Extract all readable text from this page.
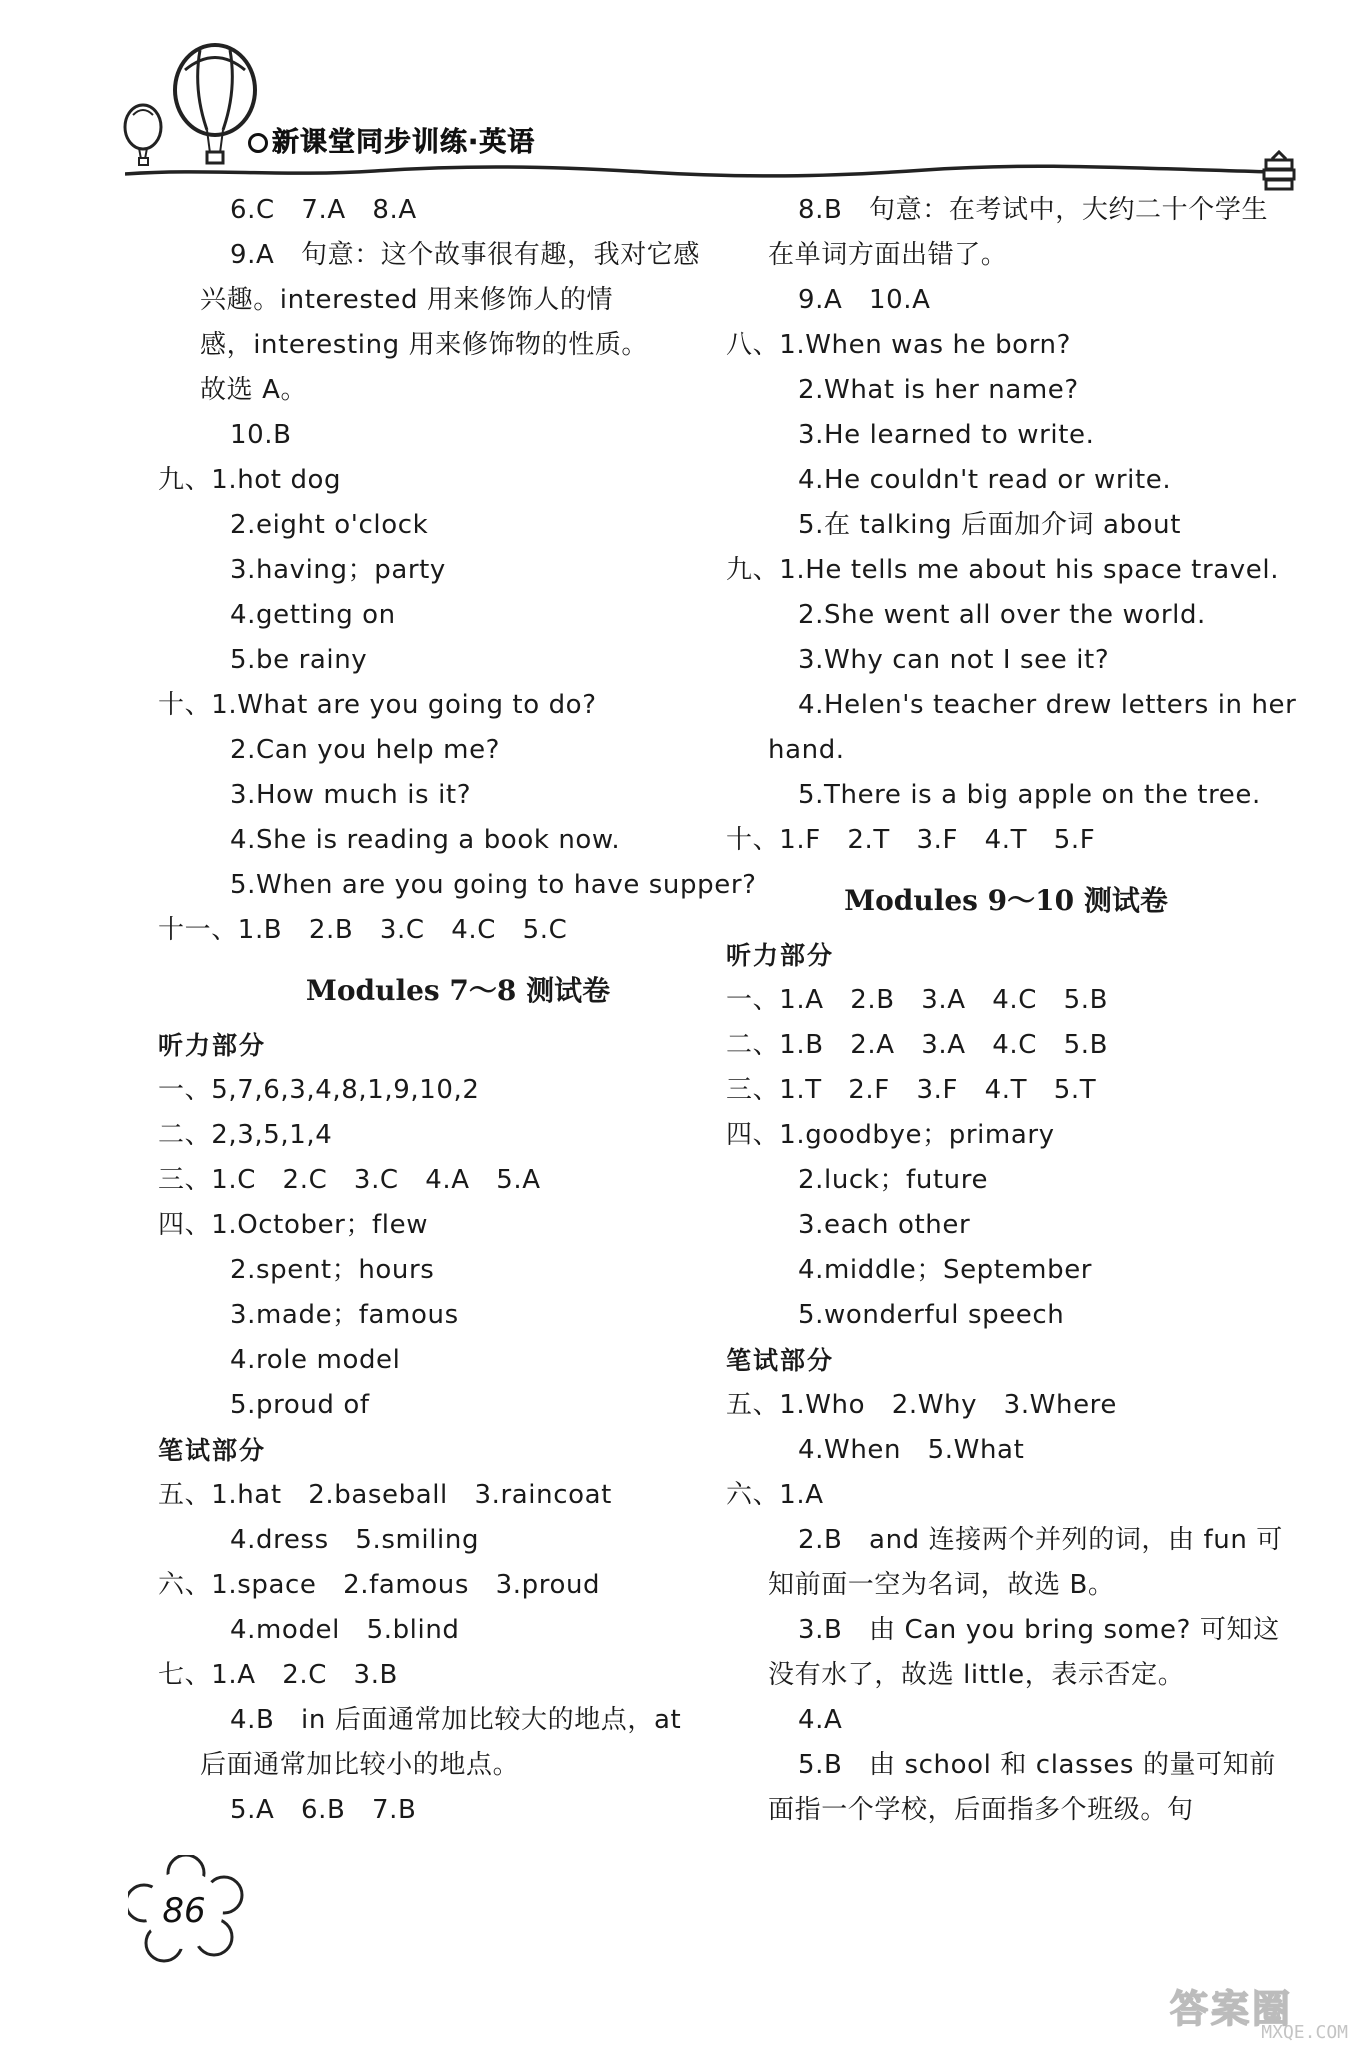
新课堂同步训练·英语
6.C　7.A　8.A
9.A　句意：这个故事很有趣，我对它感
兴趣。interested 用来修饰人的情
感，interesting 用来修饰物的性质。
故选 A。
10.B
九、1.hot dog
2.eight o'clock
3.having；party
4.getting on
5.be rainy
十、1.What are you going to do?
2.Can you help me?
3.How much is it?
4.She is reading a book now.
5.When are you going to have supper?
十一、1.B　2.B　3.C　4.C　5.C
Modules 7～8 测试卷
听力部分
一、5,7,6,3,4,8,1,9,10,2
二、2,3,5,1,4
三、1.C　2.C　3.C　4.A　5.A
四、1.October；flew
2.spent；hours
3.made；famous
4.role model
5.proud of
笔试部分
五、1.hat　2.baseball　3.raincoat
4.dress　5.smiling
六、1.space　2.famous　3.proud
4.model　5.blind
七、1.A　2.C　3.B
4.B　in 后面通常加比较大的地点，at
后面通常加比较小的地点。
5.A　6.B　7.B
8.B　句意：在考试中，大约二十个学生
在单词方面出错了。
9.A　10.A
八、1.When was he born?
2.What is her name?
3.He learned to write.
4.He couldn't read or write.
5.在 talking 后面加介词 about
九、1.He tells me about his space travel.
2.She went all over the world.
3.Why can not I see it?
4.Helen's teacher drew letters in her
hand.
5.There is a big apple on the tree.
十、1.F　2.T　3.F　4.T　5.F
Modules 9～10 测试卷
听力部分
一、1.A　2.B　3.A　4.C　5.B
二、1.B　2.A　3.A　4.C　5.B
三、1.T　2.F　3.F　4.T　5.T
四、1.goodbye；primary
2.luck；future
3.each other
4.middle；September
5.wonderful speech
笔试部分
五、1.Who　2.Why　3.Where
4.When　5.What
六、1.A
2.B　and 连接两个并列的词，由 fun 可
知前面一空为名词，故选 B。
3.B　由 Can you bring some? 可知这
没有水了，故选 little，表示否定。
4.A
5.B　由 school 和 classes 的量可知前
面指一个学校，后面指多个班级。句
86
答案圈
MXQE.COM
